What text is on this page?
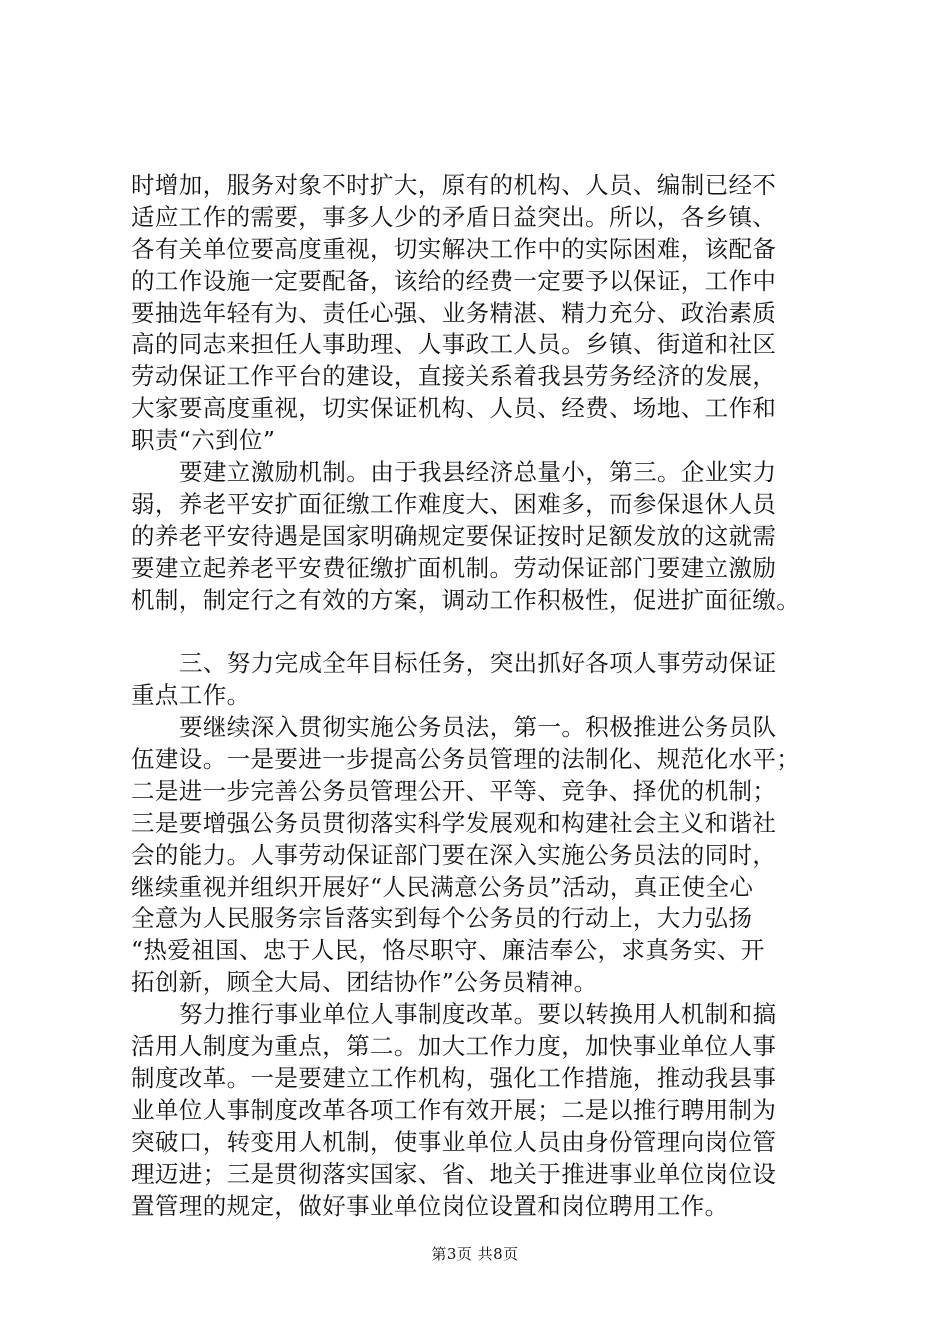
时增加，服务对象不时扩大，原有的机构、人员、编制已经不
适应工作的需要，事多人少的矛盾日益突出。所以，各乡镇、
各有关单位要高度重视，切实解决工作中的实际困难，该配备
的工作设施一定要配备，该给的经费一定要予以保证，工作中
要抽选年轻有为、责任心强、业务精湛、精力充分、政治素质
高的同志来担任人事助理、人事政工人员。乡镇、街道和社区
劳动保证工作平台的建设，直接关系着我县劳务经济的发展，
大家要高度重视，切实保证机构、人员、经费、场地、工作和
职责“六到位”
要建立激励机制。由于我县经济总量小，第三。企业实力
弱，养老平安扩面征缴工作难度大、困难多，而参保退休人员
的养老平安待遇是国家明确规定要保证按时足额发放的这就需
要建立起养老平安费征缴扩面机制。劳动保证部门要建立激励
机制，制定行之有效的方案，调动工作积极性，促进扩面征缴。
三、努力完成全年目标任务，突出抓好各项人事劳动保证
重点工作。
要继续深入贯彻实施公务员法，第一。积极推进公务员队
伍建设。一是要进一步提高公务员管理的法制化、规范化水平；
二是进一步完善公务员管理公开、平等、竞争、择优的机制；
三是要增强公务员贯彻落实科学发展观和构建社会主义和谐社
会的能力。人事劳动保证部门要在深入实施公务员法的同时，
继续重视并组织开展好“人民满意公务员”活动，真正使全心
全意为人民服务宗旨落实到每个公务员的行动上，大力弘扬
“热爱祖国、忠于人民，恪尽职守、廉洁奉公，求真务实、开
拓创新，顾全大局、团结协作”公务员精神。
努力推行事业单位人事制度改革。要以转换用人机制和搞
活用人制度为重点，第二。加大工作力度，加快事业单位人事
制度改革。一是要建立工作机构，强化工作措施，推动我县事
业单位人事制度改革各项工作有效开展；二是以推行聘用制为
突破口，转变用人机制，使事业单位人员由身份管理向岗位管
理迈进；三是贯彻落实国家、省、地关于推进事业单位岗位设
置管理的规定，做好事业单位岗位设置和岗位聘用工作。
第3页 共8页
